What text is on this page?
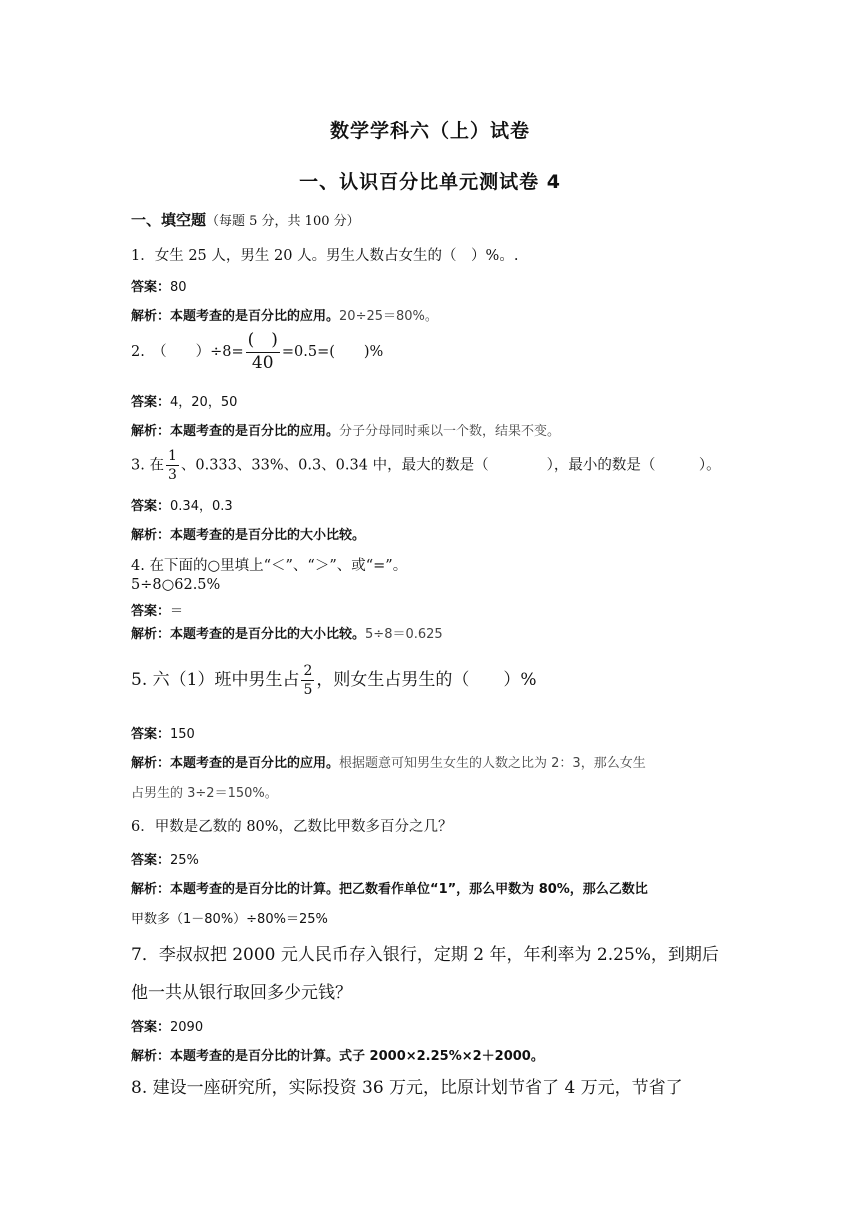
数学学科六（上）试卷
一、认识百分比单元测试卷 4
一、填空题（每题 5 分，共 100 分）
1．女生 25 人，男生 20 人。男生人数占女生的（　）%。.
答案：80
解析：本题考查的是百分比的应用。20÷25＝80%。
2.　（　　）$\div 8= \frac{( )}{40} =0.5=$(　　)%
答案：4，20，50
解析：本题考查的是百分比的应用。分子分母同时乘以一个数，结果不变。
3. 在 $\frac{1}{3}$ 、0.333、33%、0.3、0.34 中，最大的数是（　　　　），最小的数是（　　　）。
答案：0.34，0.3
解析：本题考查的是百分比的大小比较。
4. 在下面的○里填上“＜”、“＞”、或“=”。
5÷8○62.5%
答案：＝
解析：本题考查的是百分比的大小比较。5÷8＝0.625
5. 六（1）班中男生占 $\frac{2}{5}$ ，则女生占男生的（　　）%
答案：150
解析：本题考查的是百分比的应用。根据题意可知男生女生的人数之比为 2：3，那么女生
占男生的 3÷2＝150%。
6．甲数是乙数的 80%，乙数比甲数多百分之几？
答案：25%
解析：本题考查的是百分比的计算。把乙数看作单位“1”，那么甲数为 80%，那么乙数比
甲数多（1－80%）÷80%＝25%
7．李叔叔把 2000 元人民币存入银行，定期 2 年，年利率为 2.25%，到期后
他一共从银行取回多少元钱？
答案：2090
解析：本题考查的是百分比的计算。式子 2000×2.25%×2＋2000。
8. 建设一座研究所，实际投资 36 万元，比原计划节省了 4 万元，节省了
